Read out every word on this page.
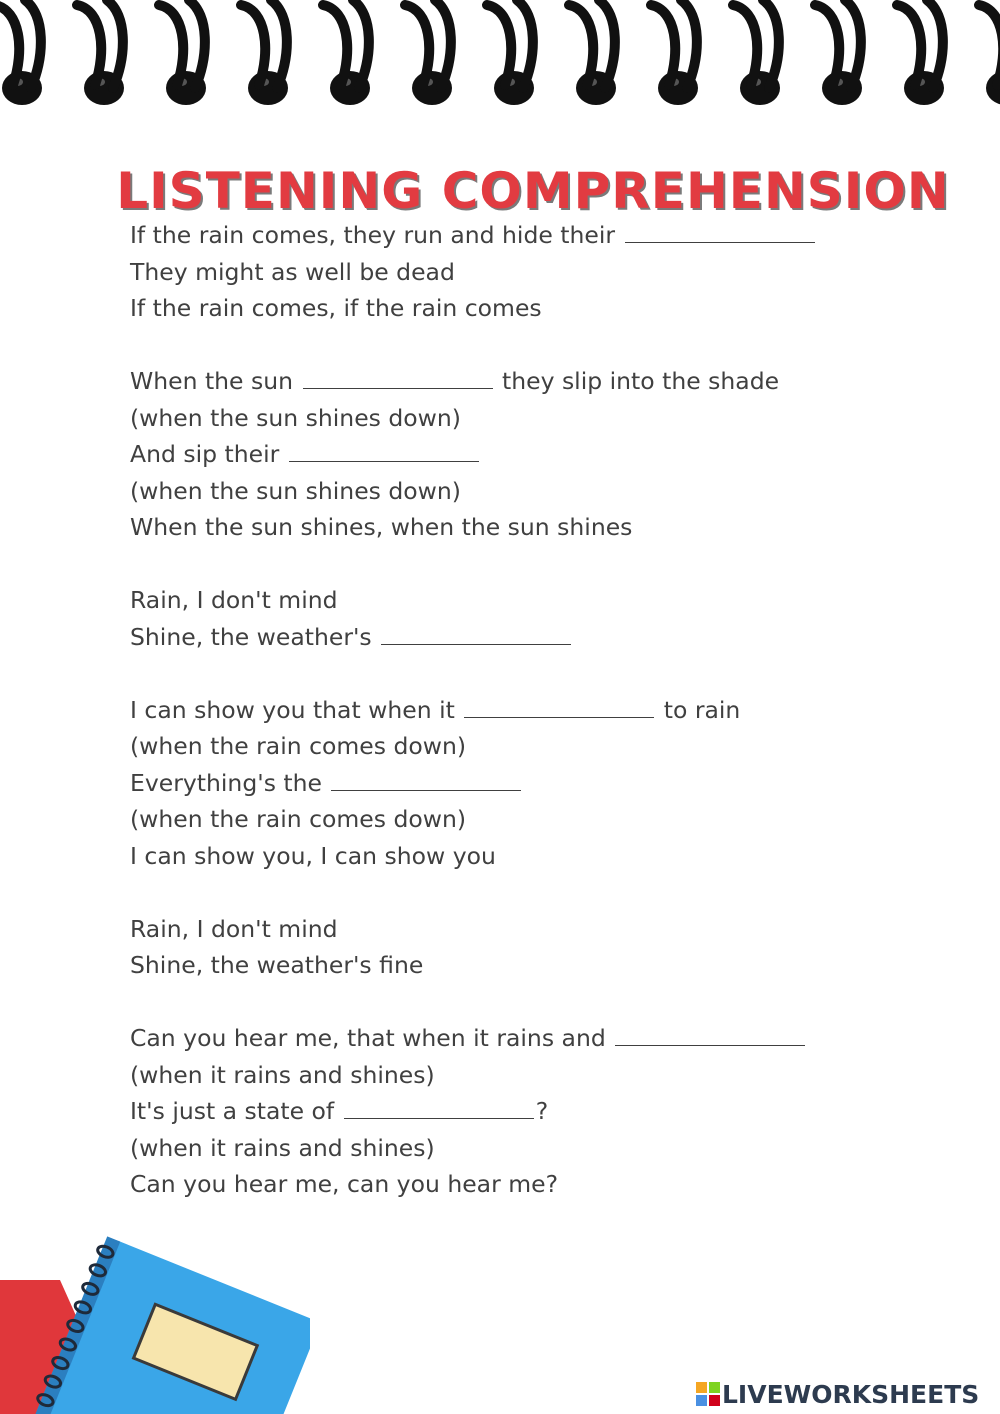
LISTENING COMPREHENSION
If the rain comes, they run and hide their
They might as well be dead
If the rain comes, if the rain comes
When the sun	they slip into the shade
(when the sun shines down)
And sip their
(when the sun shines down)
When the sun shines, when the sun shines
Rain, I don't mind
Shine, the weather's
I can show you that when it	to rain
(when the rain comes down)
Everything's the
(when the rain comes down)
I can show you, I can show you
Rain, I don't mind
Shine, the weather's fine
Can you hear me, that when it rains and
(when it rains and shines)
It's just a state of	?
(when it rains and shines)
Can you hear me, can you hear me?
LIVEWORKSHEETS
